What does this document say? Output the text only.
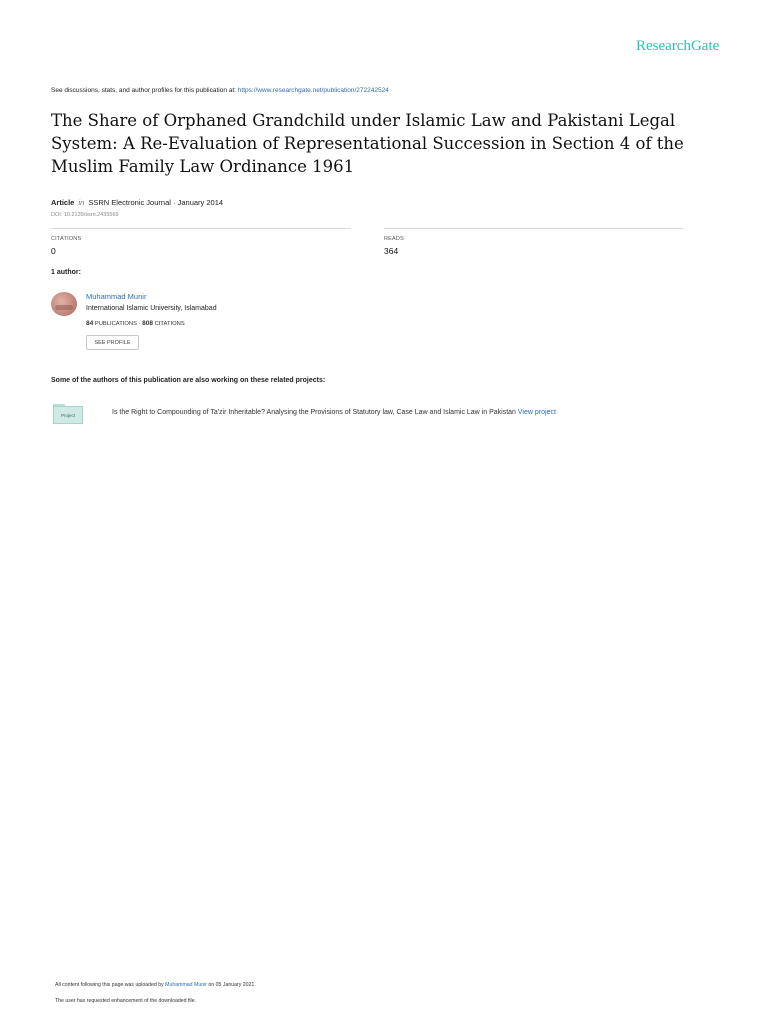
ResearchGate
See discussions, stats, and author profiles for this publication at: https://www.researchgate.net/publication/272242524
The Share of Orphaned Grandchild under Islamic Law and Pakistani Legal System: A Re-Evaluation of Representational Succession in Section 4 of the Muslim Family Law Ordinance 1961
Article in SSRN Electronic Journal · January 2014
DOI: 10.2139/ssrn.2435569
CITATIONS
0
READS
364
1 author:
Muhammad Munir
International Islamic University, Islamabad
84 PUBLICATIONS · 808 CITATIONS
SEE PROFILE
Some of the authors of this publication are also working on these related projects:
Project	Is the Right to Compounding of Ta'zir Inheritable? Analysing the Provisions of Statutory law, Case Law and Islamic Law in Pakistan View project
All content following this page was uploaded by Muhammad Munir on 05 January 2021.
The user has requested enhancement of the downloaded file.
